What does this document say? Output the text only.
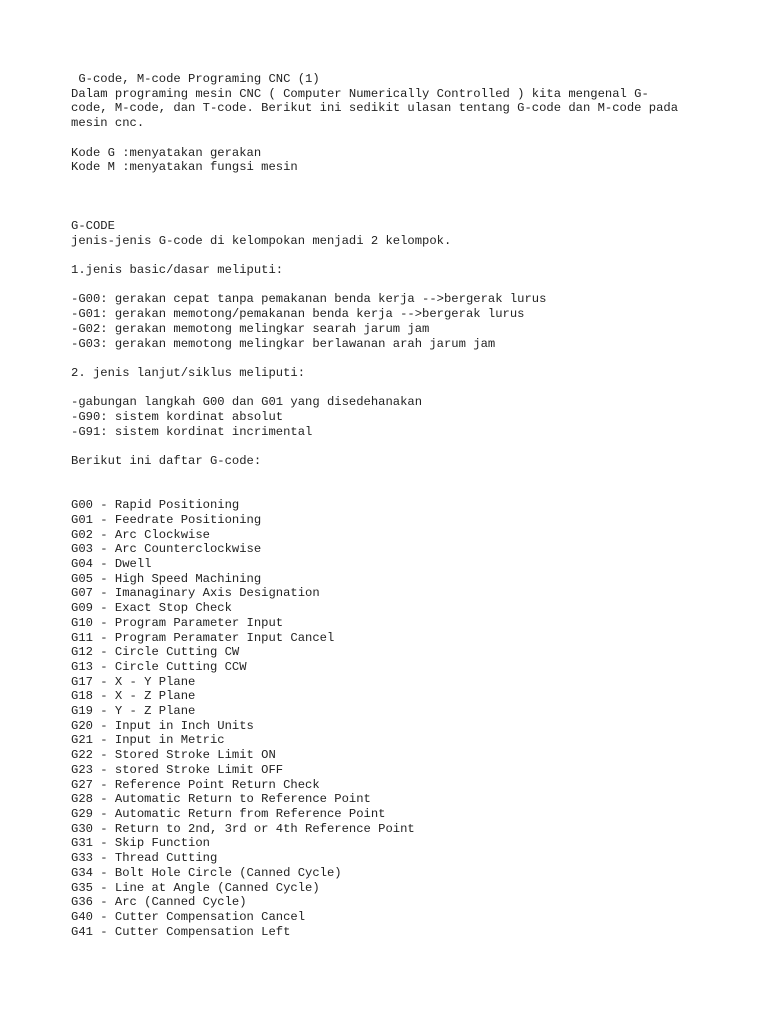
G-code, M-code Programing CNC (1)
Dalam programing mesin CNC ( Computer Numerically Controlled ) kita mengenal G-
code, M-code, dan T-code. Berikut ini sedikit ulasan tentang G-code dan M-code pada
mesin cnc.
Kode G :menyatakan gerakan
Kode M :menyatakan fungsi mesin
G-CODE
jenis-jenis G-code di kelompokan menjadi 2 kelompok.
1.jenis basic/dasar meliputi:
-G00: gerakan cepat tanpa pemakanan benda kerja -->bergerak lurus
-G01: gerakan memotong/pemakanan benda kerja -->bergerak lurus
-G02: gerakan memotong melingkar searah jarum jam
-G03: gerakan memotong melingkar berlawanan arah jarum jam
2. jenis lanjut/siklus meliputi:
-gabungan langkah G00 dan G01 yang disedehanakan
-G90: sistem kordinat absolut
-G91: sistem kordinat incrimental
Berikut ini daftar G-code:
G00 - Rapid Positioning
G01 - Feedrate Positioning
G02 - Arc Clockwise
G03 - Arc Counterclockwise
G04 - Dwell
G05 - High Speed Machining
G07 - Imanaginary Axis Designation
G09 - Exact Stop Check
G10 - Program Parameter Input
G11 - Program Peramater Input Cancel
G12 - Circle Cutting CW
G13 - Circle Cutting CCW
G17 - X - Y Plane
G18 - X - Z Plane
G19 - Y - Z Plane
G20 - Input in Inch Units
G21 - Input in Metric
G22 - Stored Stroke Limit ON
G23 - stored Stroke Limit OFF
G27 - Reference Point Return Check
G28 - Automatic Return to Reference Point
G29 - Automatic Return from Reference Point
G30 - Return to 2nd, 3rd or 4th Reference Point
G31 - Skip Function
G33 - Thread Cutting
G34 - Bolt Hole Circle (Canned Cycle)
G35 - Line at Angle (Canned Cycle)
G36 - Arc (Canned Cycle)
G40 - Cutter Compensation Cancel
G41 - Cutter Compensation Left
